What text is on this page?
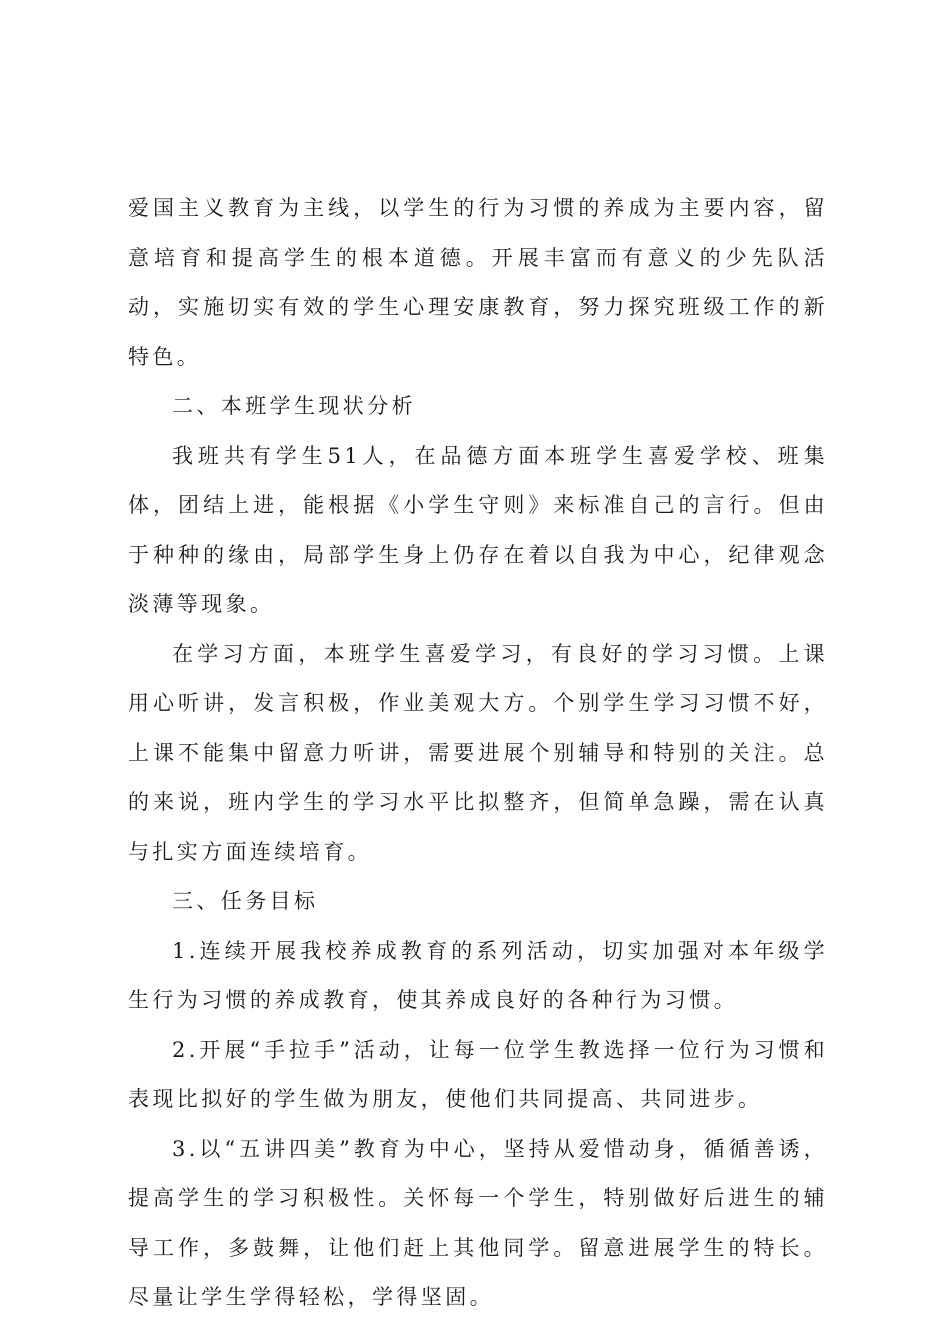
爱国主义教育为主线，以学生的行为习惯的养成为主要内容，留意培育和提高学生的根本道德。开展丰富而有意义的少先队活动，实施切实有效的学生心理安康教育，努力探究班级工作的新特色。

二、本班学生现状分析

我班共有学生51人，在品德方面本班学生喜爱学校、班集体，团结上进，能根据《小学生守则》来标准自己的言行。但由于种种的缘由，局部学生身上仍存在着以自我为中心，纪律观念淡薄等现象。

在学习方面，本班学生喜爱学习，有良好的学习习惯。上课用心听讲，发言积极，作业美观大方。个别学生学习习惯不好，上课不能集中留意力听讲，需要进展个别辅导和特别的关注。总的来说，班内学生的学习水平比拟整齐，但简单急躁，需在认真与扎实方面连续培育。

三、任务目标

1.连续开展我校养成教育的系列活动，切实加强对本年级学生行为习惯的养成教育，使其养成良好的各种行为习惯。

2.开展“手拉手”活动，让每一位学生教选择一位行为习惯和表现比拟好的学生做为朋友，使他们共同提高、共同进步。

3.以“五讲四美”教育为中心，坚持从爱惜动身，循循善诱，提高学生的学习积极性。关怀每一个学生，特别做好后进生的辅导工作，多鼓舞，让他们赶上其他同学。留意进展学生的特长。尽量让学生学得轻松，学得坚固。
